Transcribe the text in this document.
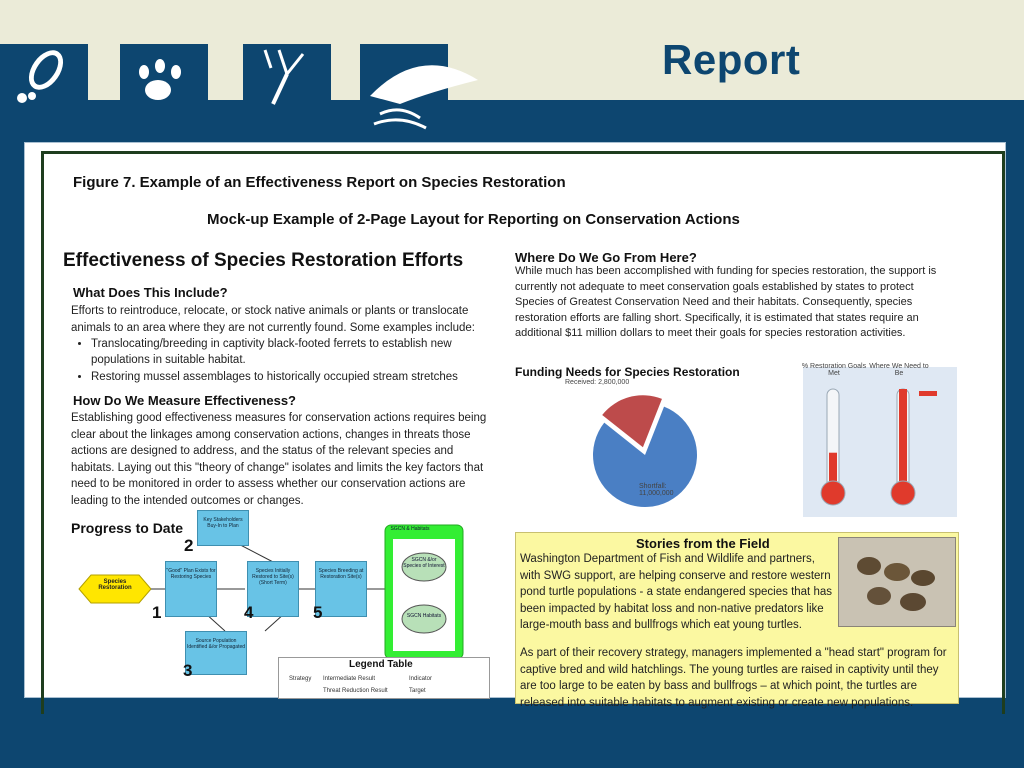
Report
Figure 7. Example of an Effectiveness Report on Species Restoration
Mock-up Example of 2-Page Layout for Reporting on Conservation Actions
Effectiveness of Species Restoration Efforts
What Does This Include?
Efforts to reintroduce, relocate, or stock native animals or plants or translocate animals to an area where they are not currently found. Some examples include:
• Translocating/breeding in captivity black-footed ferrets to establish new populations in suitable habitat.
• Restoring mussel assemblages to historically occupied stream stretches
How Do We Measure Effectiveness?
Establishing good effectiveness measures for conservation actions requires being clear about the linkages among conservation actions, changes in threats those actions are designed to address, and the status of the relevant species and habitats. Laying out this "theory of change" isolates and limits the key factors that need to be monitored in order to assess whether our conservation actions are leading to the intended outcomes or changes.
Progress to Date
Species Restoration
Key Stakeholders Buy-In to Plan
"Good" Plan Exists for Restoring Species
Species Initially Restored to Site(s) (Short Term)
Species Breeding at Restoration Site(s)
Source Population Identified &/or Propagated
2
1	4	5
3
SGCN & Habitats
SGCN &/or Species of Interest
SGCN Habitats
Legend Table
Strategy Intermediate Result	Indicator
Threat Reduction Result	Target
Where Do We Go From Here?
While much has been accomplished with funding for species restoration, the support is currently not adequate to meet conservation goals established by states to protect Species of Greatest Conservation Need and their habitats. Consequently, species restoration efforts are falling short. Specifically, it is estimated that states require an additional $11 million dollars to meet their goals for species restoration activities.
Funding Needs for Species Restoration
Received: 2,800,000
Shortfall: 11,000,000
% Restoration Goals Met
Where We Need to Be
Stories from the Field
Washington Department of Fish and Wildlife and partners, with SWG support, are helping conserve and restore western pond turtle populations - a state endangered species that has been impacted by habitat loss and non-native predators like large-mouth bass and bullfrogs which eat young turtles.
As part of their recovery strategy, managers implemented a "head start" program for captive bred and wild hatchlings. The young turtles are raised in captivity until they are too large to be eaten by bass and bullfrogs – at which point, the turtles are released into suitable habitats to augment existing or create new populations.
